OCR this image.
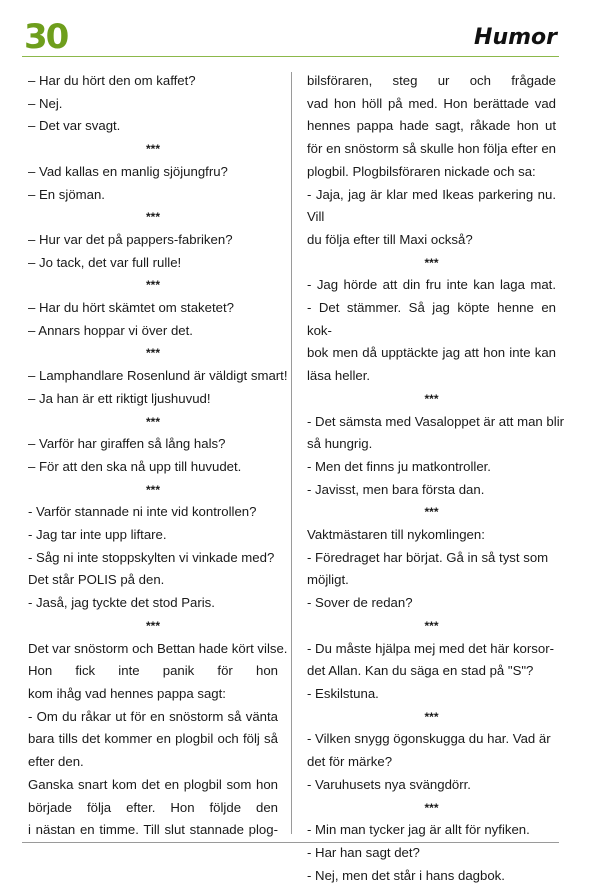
30	Humor
– Har du hört den om kaffet?
– Nej.
– Det var svagt.
***
– Vad kallas en manlig sjöjungfru?
– En sjöman.
***
– Hur var det på pappers-fabriken?
– Jo tack, det var full rulle!
***
– Har du hört skämtet om staketet?
– Annars hoppar vi över det.
***
– Lamphandlare Rosenlund är väldigt smart!
– Ja han är ett riktigt ljushuvud!
***
– Varför har giraffen så lång hals?
– För att den ska nå upp till huvudet.
***
- Varför stannade ni inte vid kontrollen?
- Jag tar inte upp liftare.
- Såg ni inte stoppskylten vi vinkade med?
Det står POLIS på den.
- Jaså, jag tyckte det stod Paris.
***
Det var snöstorm och Bettan hade kört vilse.
Hon fick inte panik för hon
kom ihåg vad hennes pappa sagt:
- Om du råkar ut för en snöstorm så vänta
bara tills det kommer en plogbil och följ så
efter den.
Ganska snart kom det en plogbil som hon
började följa efter. Hon följde den
i nästan en timme. Till slut stannade plog-
bilsföraren, steg ur och frågade
vad hon höll på med. Hon berättade vad
hennes pappa hade sagt, råkade hon ut
för en snöstorm så skulle hon följa efter en
plogbil. Plogbilsföraren nickade och sa:
- Jaja, jag är klar med Ikeas parkering nu. Vill
du följa efter till Maxi också?
***
- Jag hörde att din fru inte kan laga mat.
- Det stämmer. Så jag köpte henne en kok-
bok men då upptäckte jag att hon inte kan
läsa heller.
***
- Det sämsta med Vasaloppet är att man blir
så hungrig.
- Men det finns ju matkontroller.
- Javisst, men bara första dan.
***
Vaktmästaren till nykomlingen:
- Föredraget har börjat. Gå in så tyst som
möjligt.
- Sover de redan?
***
- Du måste hjälpa mej med det här korsor-
det Allan. Kan du säga en stad på "S"?
- Eskilstuna.
***
- Vilken snygg ögonskugga du har. Vad är
det för märke?
- Varuhusets nya svängdörr.
***
- Min man tycker jag är allt för nyfiken.
- Har han sagt det?
- Nej, men det står i hans dagbok.
